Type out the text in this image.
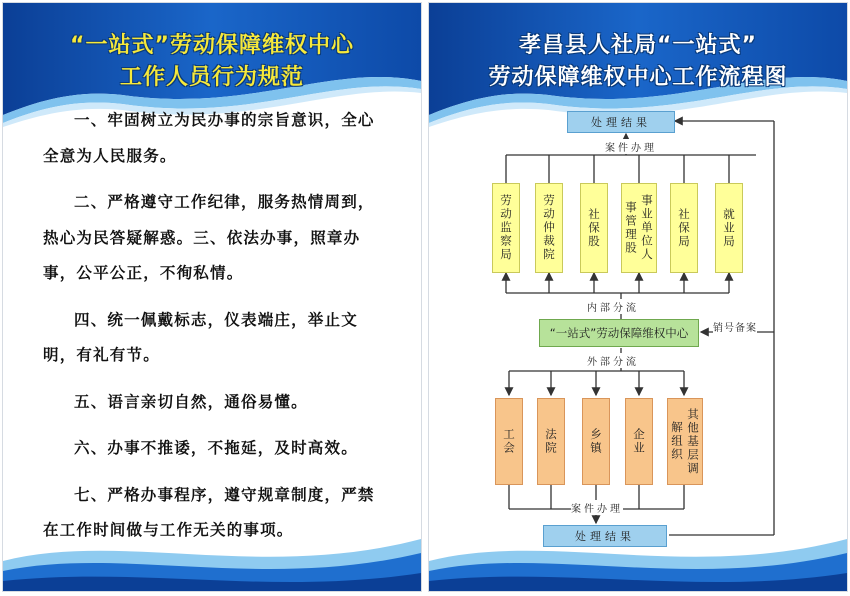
“一站式”劳动保障维权中心
工作人员行为规范

一、牢固树立为民办事的宗旨意识，全心全意为人民服务。

二、严格遵守工作纪律，服务热情周到，热心为民答疑解惑。三、依法办事，照章办事，公平公正，不徇私情。

四、统一佩戴标志，仪表端庄，举止文明，有礼有节。

五、语言亲切自然，通俗易懂。

六、办事不推诿，不拖延，及时高效。

七、严格办事程序，遵守规章制度，严禁在工作时间做与工作无关的事项。

孝昌县人社局“一站式”
劳动保障维权中心工作流程图
处理结果
案件办理
劳动监察局	劳动仲裁院	社保股	事业单位人事管理股	社保局	就业局
内部分流
“一站式”劳动保障维权中心	销号备案
外部分流
工会	法院	乡镇	企业	其他基层调解组织
案件办理
处理结果
